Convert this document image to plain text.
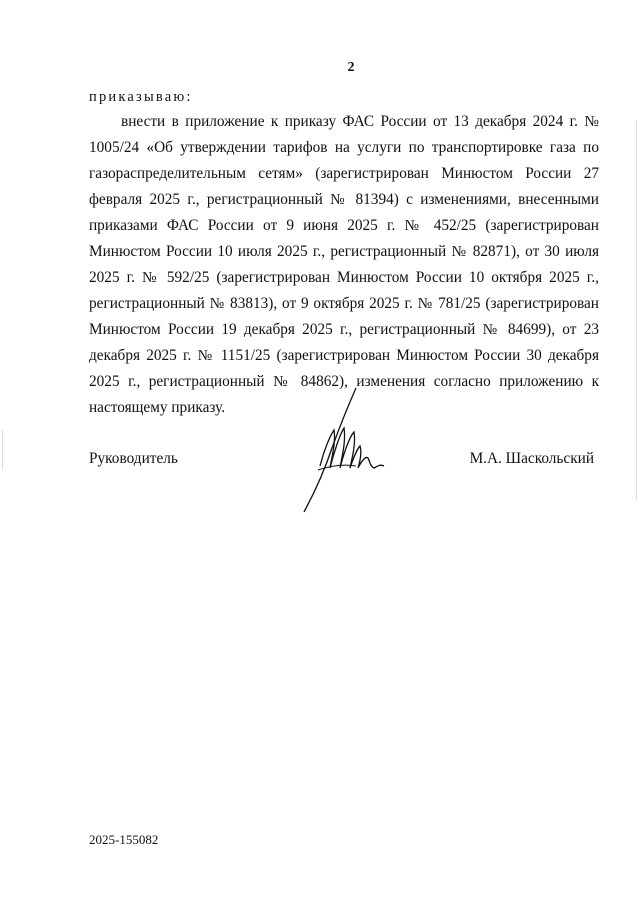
2
приказываю:

внести в приложение к приказу ФАС России от 13 декабря 2024 г. № 1005/24 «Об утверждении тарифов на услуги по транспортировке газа по газораспределительным сетям» (зарегистрирован Минюстом России 27 февраля 2025 г., регистрационный № 81394) с изменениями, внесенными приказами ФАС России от 9 июня 2025 г. № 452/25 (зарегистрирован Минюстом России 10 июля 2025 г., регистрационный № 82871), от 30 июля 2025 г. № 592/25 (зарегистрирован Минюстом России 10 октября 2025 г., регистрационный № 83813), от 9 октября 2025 г. № 781/25 (зарегистрирован Минюстом России 19 декабря 2025 г., регистрационный № 84699), от 23 декабря 2025 г. № 1151/25 (зарегистрирован Минюстом России 30 декабря 2025 г., регистрационный № 84862), изменения согласно приложению к настоящему приказу.

Руководитель	М.А. Шаскольский
2025-155082
